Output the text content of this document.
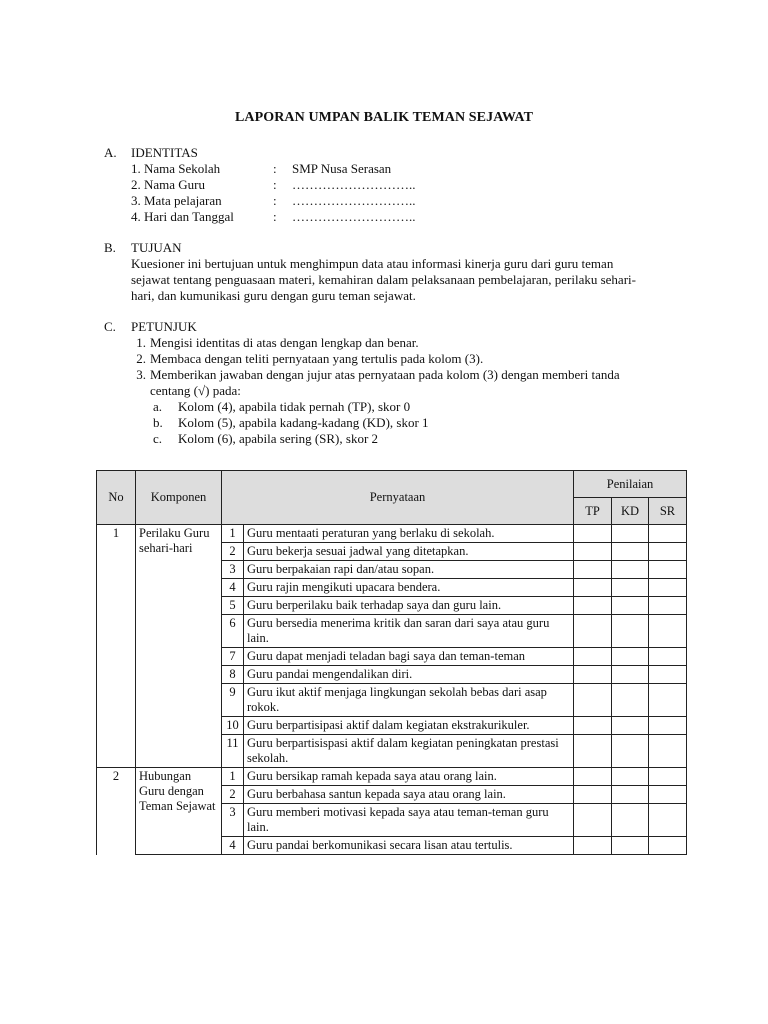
LAPORAN UMPAN BALIK TEMAN SEJAWAT
A. IDENTITAS
1. Nama Sekolah	: SMP Nusa Serasan
2. Nama Guru	: ………………………..
3. Mata pelajaran	: ………………………..
4. Hari dan Tanggal	: ………………………..
B. TUJUAN
Kuesioner ini bertujuan untuk menghimpun data atau informasi kinerja guru dari guru teman
sejawat tentang penguasaan materi, kemahiran dalam pelaksanaan pembelajaran, perilaku sehari-
hari, dan kumunikasi guru dengan guru teman sejawat.
C. PETUNJUK
1. Mengisi identitas di atas dengan lengkap dan benar.
2. Membaca dengan teliti pernyataan yang tertulis pada kolom (3).
3. Memberikan jawaban dengan jujur atas pernyataan pada kolom (3) dengan memberi tanda
centang (√) pada:
a. Kolom (4), apabila tidak pernah (TP), skor 0
b. Kolom (5), apabila kadang-kadang (KD), skor 1
c. Kolom (6), apabila sering (SR), skor 2
No	Komponen	Pernyataan		Penilaian		
				TP	KD	SR
1	Perilaku Guru sehari-hari	1	Guru mentaati peraturan yang berlaku di sekolah.			
		2	Guru bekerja sesuai jadwal yang ditetapkan.			
		3	Guru berpakaian rapi dan/atau sopan.			
		4	Guru rajin mengikuti upacara bendera.			
		5	Guru berperilaku baik terhadap saya dan guru lain.			
		6	Guru bersedia menerima kritik dan saran dari saya atau guru lain.			
		7	Guru dapat menjadi teladan bagi saya dan teman-teman			
		8	Guru pandai mengendalikan diri.			
		9	Guru ikut aktif menjaga lingkungan sekolah bebas dari asap rokok.			
		10	Guru berpartisipasi aktif dalam kegiatan ekstrakurikuler.			
		11	Guru berpartisispasi aktif dalam kegiatan peningkatan prestasi sekolah.			
2	Hubungan Guru dengan Teman Sejawat	1	Guru bersikap ramah kepada saya atau orang lain.			
		2	Guru berbahasa santun kepada saya atau orang lain.			
		3	Guru memberi motivasi kepada saya atau teman-teman guru lain.			
		4	Guru pandai berkomunikasi secara lisan atau tertulis.			
